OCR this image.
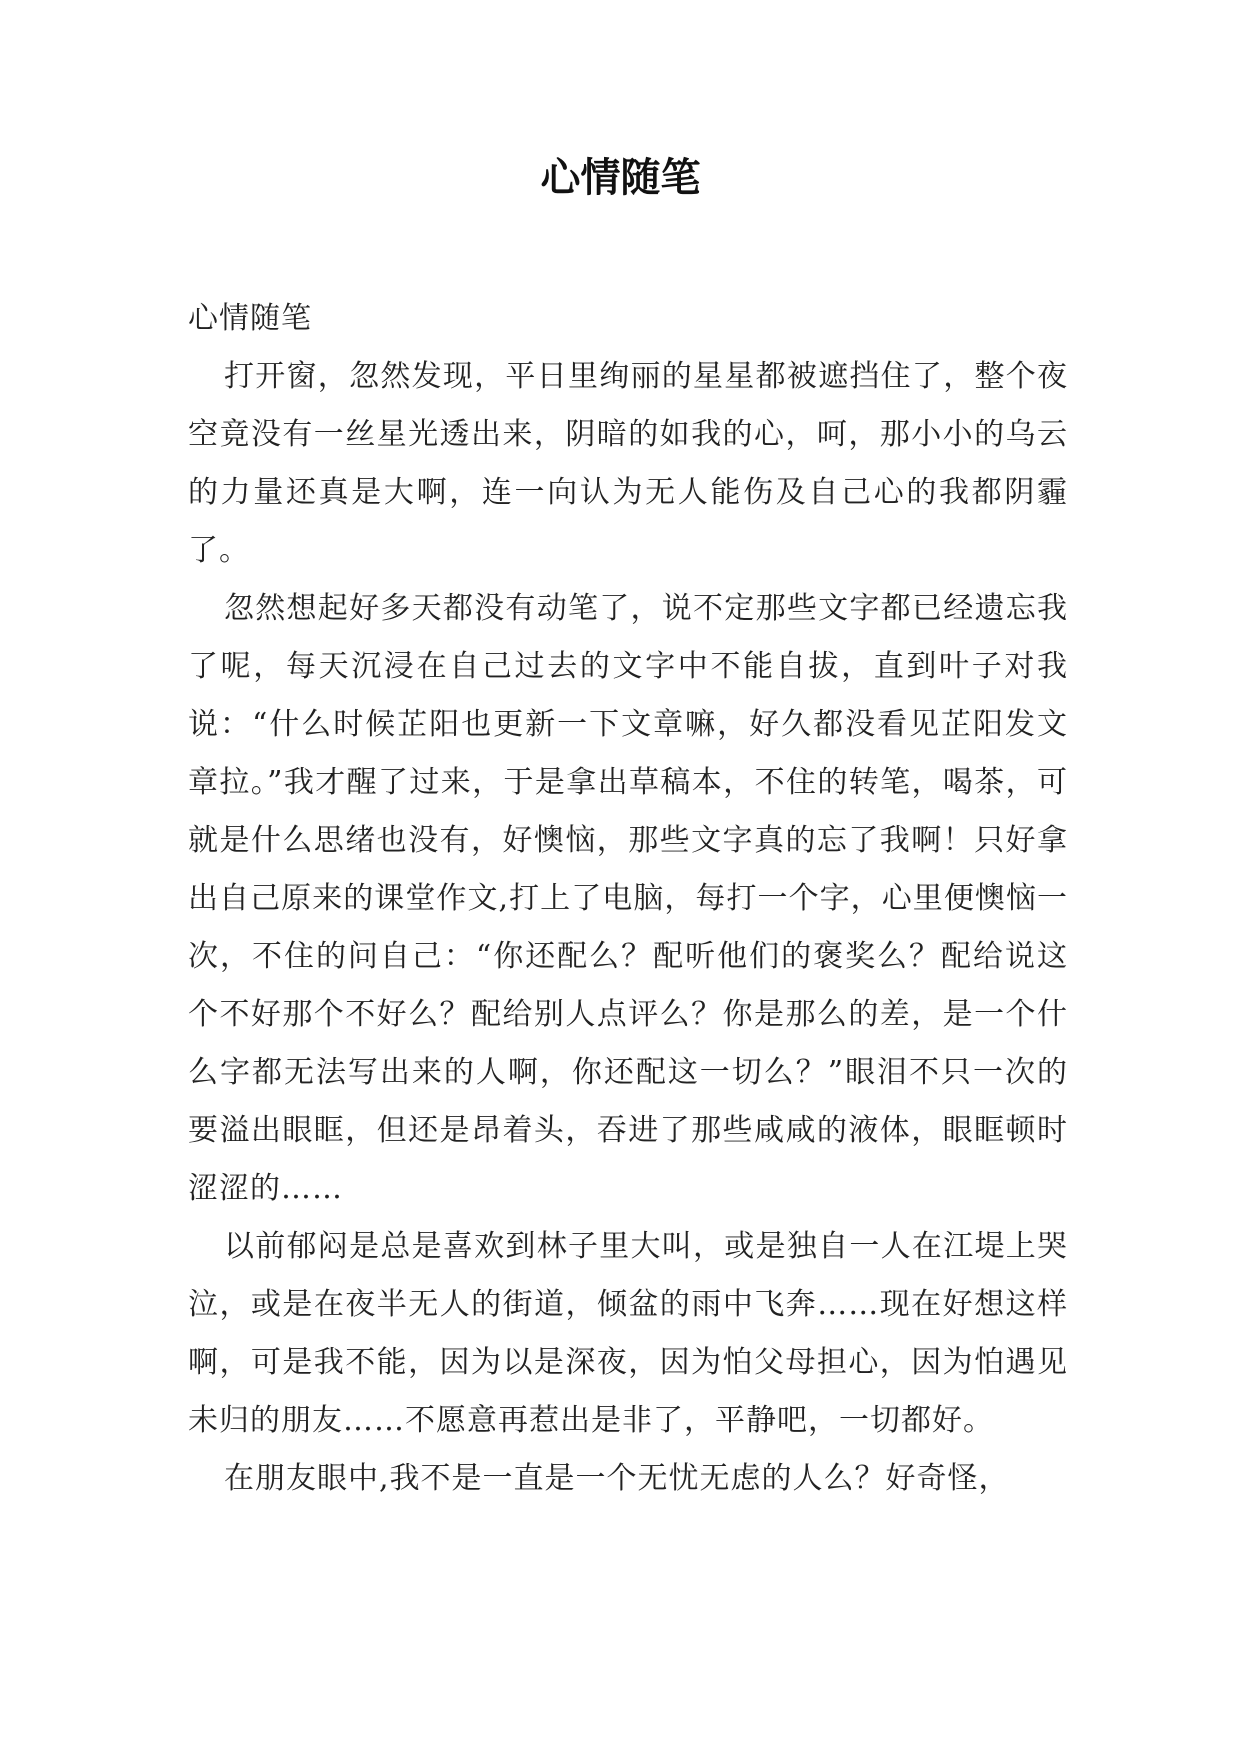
心情随笔

心情随笔

打开窗，忽然发现，平日里绚丽的星星都被遮挡住了，整个夜空竟没有一丝星光透出来，阴暗的如我的心，呵，那小小的乌云的力量还真是大啊，连一向认为无人能伤及自己心的我都阴霾了。

忽然想起好多天都没有动笔了，说不定那些文字都已经遗忘我了呢，每天沉浸在自己过去的文字中不能自拔，直到叶子对我说：“什么时候芷阳也更新一下文章嘛，好久都没看见芷阳发文章拉。”我才醒了过来，于是拿出草稿本，不住的转笔，喝茶，可就是什么思绪也没有，好懊恼，那些文字真的忘了我啊！只好拿出自己原来的课堂作文,打上了电脑，每打一个字，心里便懊恼一次，不住的问自己：“你还配么？配听他们的褒奖么？配给说这个不好那个不好么？配给别人点评么？你是那么的差，是一个什么字都无法写出来的人啊，你还配这一切么？”眼泪不只一次的要溢出眼眶，但还是昂着头，吞进了那些咸咸的液体，眼眶顿时涩涩的……

以前郁闷是总是喜欢到林子里大叫，或是独自一人在江堤上哭泣，或是在夜半无人的街道，倾盆的雨中飞奔……现在好想这样啊，可是我不能，因为以是深夜，因为怕父母担心，因为怕遇见未归的朋友……不愿意再惹出是非了，平静吧，一切都好。

在朋友眼中,我不是一直是一个无忧无虑的人么？好奇怪，
